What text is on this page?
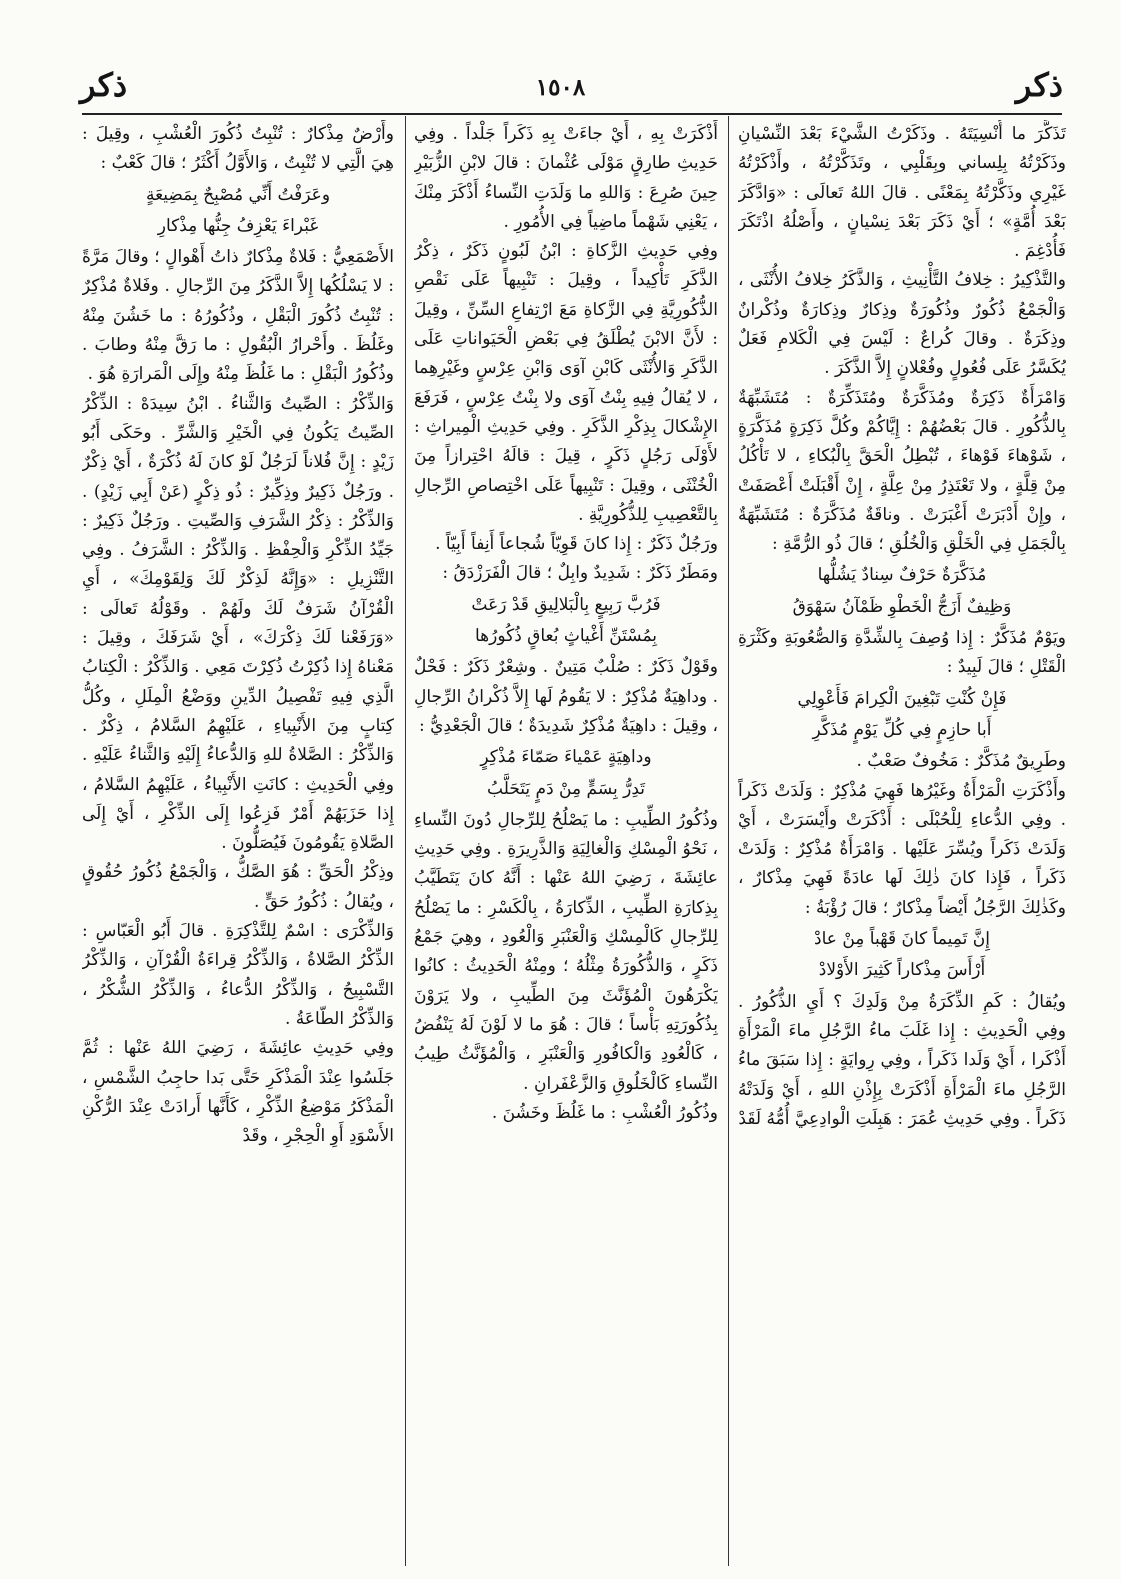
ذكر
١٥٠٨
ذكر

تَذَكَّرَ ما أُنْسِيَتَهُ . وذَكَرْتُ الشَّيْءَ بَعْدَ النِّسْيانِ وذَكَرْتُهُ بِلِساني وبِقَلْبِي ، وتَذَكَّرْتُهُ ، وأَذْكَرْتُهُ غَيْرِي وذَكَّرْتُهُ بِمَعْنًى . قالَ اللهُ تَعالَى : «وَادَّكَرَ بَعْدَ أُمَّةٍ» ؛ أَيْ ذَكَرَ بَعْدَ نِسْيانٍ ، وأَصْلُهُ اذْتَكَرَ فَأُدْغِمَ .

والتَّذْكِيرُ : خِلافُ التَّأْنِيثِ ، وَالذَّكَرُ خِلافُ الأُنْثَى ، وَالْجَمْعُ ذُكُورٌ وذُكُورَةٌ وذِكارٌ وذِكارَةٌ وذُكْرانٌ وذِكَرَةٌ . وقالَ كُراعٌ : لَيْسَ فِي الْكَلامِ فَعَلٌ يُكَسَّرُ عَلَى فُعُولٍ وفُعْلانٍ إِلاَّ الذَّكَرَ .

وَامْرَأَةٌ ذَكِرَةٌ ومُذَكَّرَةٌ ومُتَذَكِّرَةٌ : مُتَشَبِّهَةٌ بِالذُّكُورِ . قالَ بَعْضُهُمْ : إِيَّاكُمْ وكُلَّ ذَكِرَةٍ مُذَكَّرَةٍ ، شَوْهاءَ فَوْهاءَ ، تُبْطِلُ الْحَقَّ بِالْبُكاءِ ، لا تَأْكُلُ مِنْ قِلَّةٍ ، ولا تَعْتَذِرُ مِنْ عِلَّةٍ ، إِنْ أَقْبَلَتْ أَعْصَفَتْ ، وإِنْ أَدْبَرَتْ أَغْبَرَتْ . وناقَةٌ مُذَكَّرَةٌ : مُتَشَبِّهَةٌ بِالْجَمَلِ فِي الْخَلْقِ وَالْخُلُقِ ؛ قالَ ذُو الرُّمَّةِ :

مُذَكَّرَةٌ حَرْفٌ سِنادٌ يَشُلُّها

وَظِيفٌ أَزَجُّ الْخَطْوِ ظَمْآنُ سَهْوَقُ

ويَوْمٌ مُذَكَّرٌ : إِذا وُصِفَ بِالشِّدَّةِ وَالصُّعُوبَةِ وكَثْرَةِ الْقَتْلِ ؛ قالَ لَبِيدٌ :

فَإِنْ كُنْتِ تَبْغِينَ الْكِرامَ فَأَعْوِلِي

أَبا حازِمٍ فِي كُلِّ يَوْمٍ مُذَكَّرِ

وطَرِيقٌ مُذَكَّرٌ : مَخُوفٌ صَعْبٌ .

وأَذْكَرَتِ الْمَرْأَةُ وغَيْرُها فَهِيَ مُذْكِرٌ : وَلَدَتْ ذَكَراً . وفِي الدُّعاءِ لِلْحُبْلَى : أَذْكَرَتْ وأَيْسَرَتْ ، أَيْ وَلَدَتْ ذَكَراً ويُسِّرَ عَلَيْها . وَامْرَأَةٌ مُذْكِرٌ : وَلَدَتْ ذَكَراً ، فَإِذا كانَ ذٰلِكَ لَها عادَةً فَهِيَ مِذْكارٌ ، وكَذٰلِكَ الرَّجُلُ أَيْضاً مِذْكارٌ ؛ قالَ رُؤْبَةُ :

إِنَّ تَمِيماً كانَ قَهْباً مِنْ عادْ

أَرْأَسَ مِذْكاراً كَثِيرَ الأَوْلادْ

ويُقالُ : كَمِ الذِّكَرَةُ مِنْ وَلَدِكَ ؟ أَيِ الذُّكُورُ . وفِي الْحَدِيثِ : إِذا غَلَبَ ماءُ الرَّجُلِ ماءَ الْمَرْأَةِ أَذْكَرا ، أَيْ وَلَدا ذَكَراً ، وفِي رِوايَةٍ : إِذا سَبَقَ ماءُ الرَّجُلِ ماءَ الْمَرْأَةِ أَذْكَرَتْ بِإِذْنِ اللهِ ، أَيْ وَلَدَتْهُ ذَكَراً . وفِي حَدِيثِ عُمَرَ : هَبِلَتِ الْوادِعِيَّ أُمُّهُ لَقَدْ

أَذْكَرَتْ بِهِ ، أَيْ جاءَتْ بِهِ ذَكَراً جَلْداً . وفِي حَدِيثِ طارِقٍ مَوْلَى عُثْمانَ : قالَ لابْنِ الزُّبَيْرِ حِينَ صُرِعَ : وَاللهِ ما وَلَدَتِ النِّساءُ أَذْكَرَ مِنْكَ ، يَعْنِي شَهْماً ماضِياً فِي الأُمُورِ .

وفِي حَدِيثِ الزَّكاةِ : ابْنُ لَبُونٍ ذَكَرٌ ، ذِكْرُ الذَّكَرِ تَأْكِيداً ، وقِيلَ : تَنْبِيهاً عَلَى نَقْصِ الذُّكُورِيَّةِ فِي الزَّكاةِ مَعَ ارْتِفاعِ السِّنِّ ، وقِيلَ : لأَنَّ الابْنَ يُطْلَقُ فِي بَعْضِ الْحَيَواناتِ عَلَى الذَّكَرِ وَالأُنْثَى كَابْنِ آوَى وَابْنِ عِرْسٍ وغَيْرِهِما ، لا يُقالُ فِيهِ بِنْتُ آوَى ولا بِنْتُ عِرْسٍ ، فَرَفَعَ الإِشْكالَ بِذِكْرِ الذَّكَرِ . وفِي حَدِيثِ الْمِيراثِ : لأَوْلَى رَجُلٍ ذَكَرٍ ، قِيلَ : قالَهُ احْتِرازاً مِنَ الْخُنْثَى ، وقِيلَ : تَنْبِيهاً عَلَى اخْتِصاصِ الرِّجالِ بِالتَّعْصِيبِ لِلذُّكُورِيَّةِ .

ورَجُلٌ ذَكَرٌ : إِذا كانَ قَوِيّاً شُجاعاً أَنِفاً أَبِيّاً .

ومَطَرٌ ذَكَرٌ : شَدِيدٌ وابِلٌ ؛ قالَ الْفَرَزْدَقُ :

فَرُبَّ رَبِيعٍ بِالْبَلالِيقِ قَدْ رَعَتْ

بِمُسْتَنِّ أَغْياثٍ بُعاقٍ ذُكُورُها

وقَوْلٌ ذَكَرٌ : صُلْبٌ مَتِينٌ . وشِعْرٌ ذَكَرٌ : فَحْلٌ . وداهِيَةٌ مُذْكِرٌ : لا يَقُومُ لَها إِلاَّ ذُكْرانُ الرِّجالِ ، وقِيلَ : داهِيَةٌ مُذْكِرٌ شَدِيدَةٌ ؛ قالَ الْجَعْدِيُّ :

وداهِيَةٍ عَمْياءَ صَمّاءَ مُذْكِرٍ

تَدِرُّ بِسَمٍّ مِنْ دَمٍ يَتَحَلَّبُ

وذُكُورُ الطِّيبِ : ما يَصْلُحُ لِلرِّجالِ دُونَ النِّساءِ ، نَحْوُ الْمِسْكِ وَالْغالِيَةِ وَالذَّرِيرَةِ . وفِي حَدِيثِ عائِشَةَ ، رَضِيَ اللهُ عَنْها : أَنَّهُ كانَ يَتَطَيَّبُ بِذِكارَةِ الطِّيبِ ، الذِّكارَةُ ، بِالْكَسْرِ : ما يَصْلُحُ لِلرِّجالِ كَالْمِسْكِ وَالْعَنْبَرِ وَالْعُودِ ، وهِيَ جَمْعُ ذَكَرٍ ، وَالذُّكُورَةُ مِثْلُهُ ؛ ومِنْهُ الْحَدِيثُ : كانُوا يَكْرَهُونَ الْمُؤَنَّثَ مِنَ الطِّيبِ ، ولا يَرَوْنَ بِذُكُورَتِهِ بَأْساً ؛ قالَ : هُوَ ما لا لَوْنَ لَهُ يَنْفُضُ ، كَالْعُودِ وَالْكافُورِ وَالْعَنْبَرِ ، وَالْمُؤَنَّثُ طِيبُ النِّساءِ كَالْخَلُوقِ وَالزَّعْفَرانِ .

وذُكُورُ الْعُشْبِ : ما غَلُظَ وخَشُنَ .

وأَرْضٌ مِذْكارٌ : تُنْبِتُ ذُكُورَ الْعُشْبِ ، وقِيلَ : هِيَ الَّتِي لا تُنْبِتُ ، وَالأَوَّلُ أَكْثَرُ ؛ قالَ كَعْبٌ :

وعَرَفْتُ أَنِّي مُصْبِحٌ بِمَضِيعَةٍ

غَبْراءَ يَعْزِفُ جِنُّها مِذْكارِ

الأَصْمَعِيُّ : فَلاةٌ مِذْكارٌ ذاتُ أَهْوالٍ ؛ وقالَ مَرَّةً : لا يَسْلُكُها إِلاَّ الذَّكَرُ مِنَ الرِّجالِ . وفَلاةٌ مُذْكِرٌ : تُنْبِتُ ذُكُورَ الْبَقْلِ ، وذُكُورُهُ : ما خَشُنَ مِنْهُ وغَلُظَ . وأَحْرارُ الْبُقُولِ : ما رَقَّ مِنْهُ وطابَ . وذُكُورُ الْبَقْلِ : ما غَلُظَ مِنْهُ وإِلَى الْمَرارَةِ هُوَ .

وَالذِّكْرُ : الصِّيتُ وَالثَّناءُ . ابْنُ سِيدَهْ : الذِّكْرُ الصِّيتُ يَكُونُ فِي الْخَيْرِ وَالشَّرِّ . وحَكَى أَبُو زَيْدٍ : إِنَّ فُلاناً لَرَجُلٌ لَوْ كانَ لَهُ ذُكْرَةٌ ، أَيْ ذِكْرٌ . ورَجُلٌ ذَكِيرٌ وذِكِّيرٌ : ذُو ذِكْرٍ (عَنْ أَبِي زَيْدٍ) . وَالذِّكْرُ : ذِكْرُ الشَّرَفِ وَالصِّيتِ . ورَجُلٌ ذَكِيرٌ : جَيِّدُ الذِّكْرِ وَالْحِفْظِ . وَالذِّكْرُ : الشَّرَفُ . وفِي التَّنْزِيلِ : «وَإِنَّهُ لَذِكْرٌ لَكَ وَلِقَوْمِكَ» ، أَيِ الْقُرْآنُ شَرَفٌ لَكَ ولَهُمْ . وقَوْلُهُ تَعالَى : «وَرَفَعْنا لَكَ ذِكْرَكَ» ، أَيْ شَرَفَكَ ، وقِيلَ : مَعْناهُ إِذا ذُكِرْتُ ذُكِرْتَ مَعِي . وَالذِّكْرُ : الْكِتابُ الَّذِي فِيهِ تَفْصِيلُ الدِّينِ ووَضْعُ الْمِلَلِ ، وكُلُّ كِتابٍ مِنَ الأَنْبِياءِ ، عَلَيْهِمُ السَّلامُ ، ذِكْرٌ . وَالذِّكْرُ : الصَّلاةُ للهِ وَالدُّعاءُ إِلَيْهِ وَالثَّناءُ عَلَيْهِ . وفِي الْحَدِيثِ : كانَتِ الأَنْبِياءُ ، عَلَيْهِمُ السَّلامُ ، إِذا حَزَبَهُمْ أَمْرٌ فَزِعُوا إِلَى الذِّكْرِ ، أَيْ إِلَى الصَّلاةِ يَقُومُونَ فَيُصَلُّونَ .

وذِكْرُ الْحَقِّ : هُوَ الصَّكُّ ، وَالْجَمْعُ ذُكُورُ حُقُوقٍ ، ويُقالُ : ذُكُورُ حَقٍّ .

وَالذِّكْرَى : اسْمٌ لِلتَّذْكِرَةِ . قالَ أَبُو الْعَبّاسِ : الذِّكْرُ الصَّلاةُ ، وَالذِّكْرُ قِراءَةُ الْقُرْآنِ ، وَالذِّكْرُ التَّسْبِيحُ ، وَالذِّكْرُ الدُّعاءُ ، وَالذِّكْرُ الشُّكْرُ ، وَالذِّكْرُ الطّاعَةُ .

وفِي حَدِيثِ عائِشَةَ ، رَضِيَ اللهُ عَنْها : ثُمَّ جَلَسُوا عِنْدَ الْمَذْكَرِ حَتَّى بَدا حاجِبُ الشَّمْسِ ، الْمَذْكَرُ مَوْضِعُ الذِّكْرِ ، كَأَنَّها أَرادَتْ عِنْدَ الرُّكْنِ الأَسْوَدِ أَوِ الْحِجْرِ ، وقَدْ
